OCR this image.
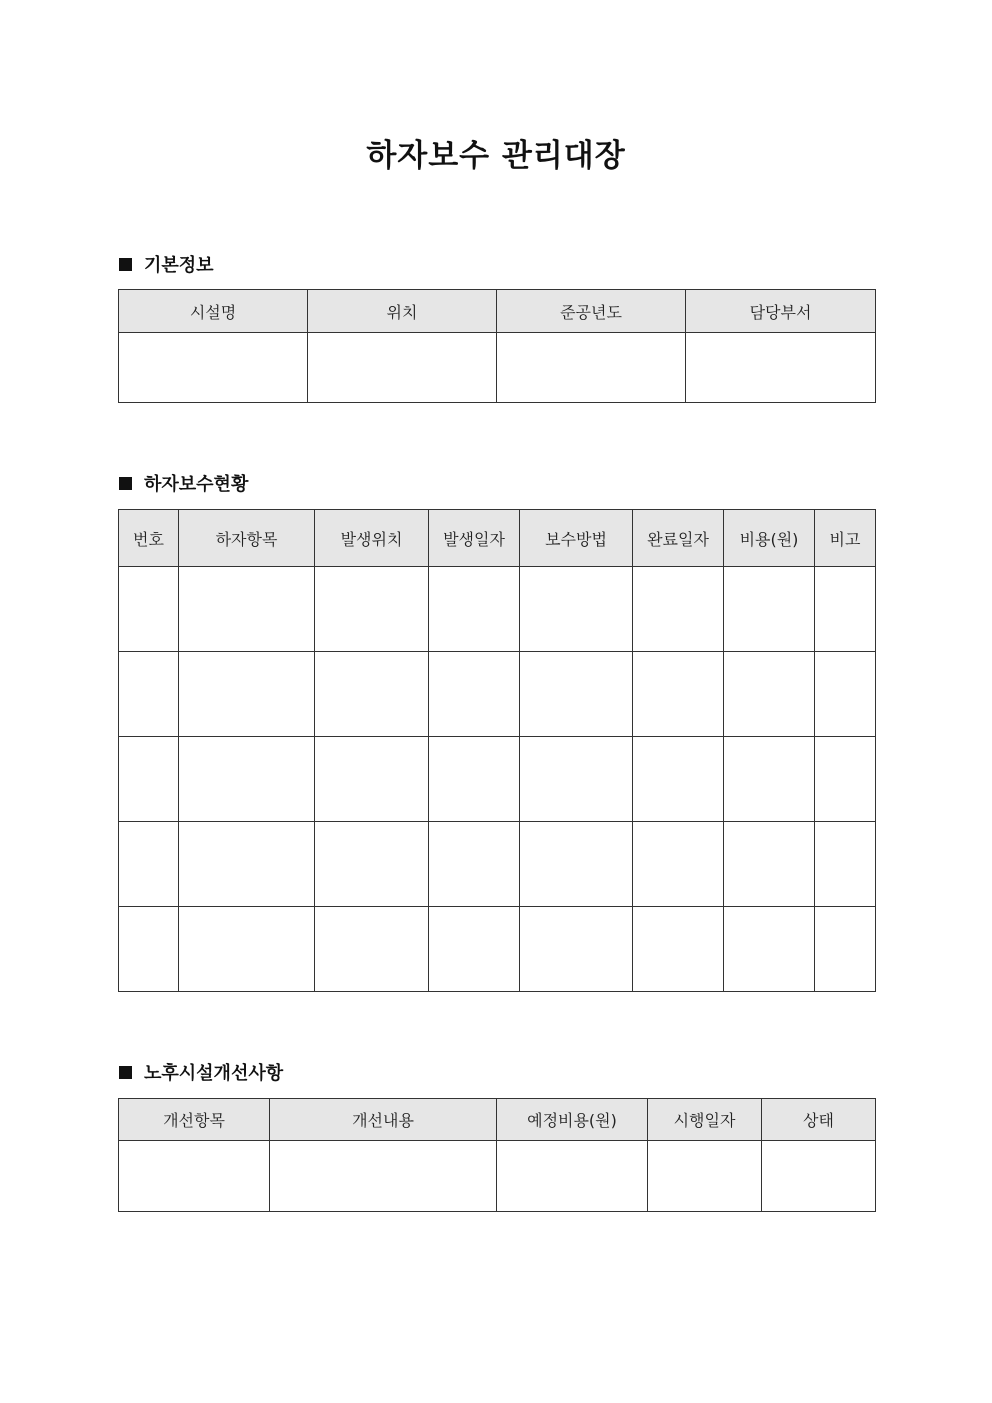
하자보수 관리대장
기본정보
시설명	위치	준공년도	담당부서

하자보수현황
번호	하자항목	발생위치	발생일자	보수방법	완료일자	비용(원)	비고

노후시설개선사항
개선항목	개선내용	예정비용(원)	시행일자	상태
